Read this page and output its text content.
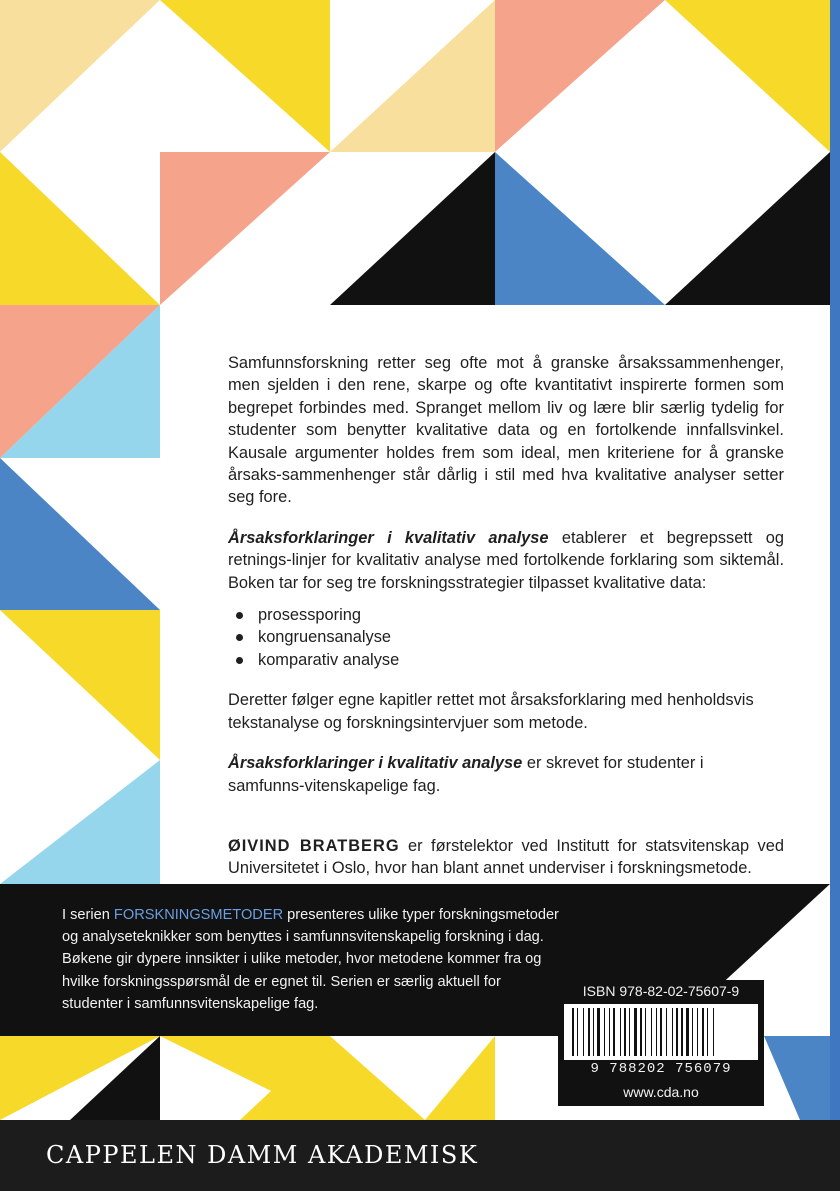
Samfunnsforskning retter seg ofte mot å granske årsakssammenhenger, men sjelden i den rene, skarpe og ofte kvantitativt inspirerte formen som begrepet forbindes med. Spranget mellom liv og lære blir særlig tydelig for studenter som benytter kvalitative data og en fortolkende innfallsvinkel. Kausale argumenter holdes frem som ideal, men kriteriene for å granske årsaks-sammenhenger står dårlig i stil med hva kvalitative analyser setter seg fore.

Årsaksforklaringer i kvalitativ analyse etablerer et begrepssett og retnings-linjer for kvalitativ analyse med fortolkende forklaring som siktemål. Boken tar for seg tre forskningsstrategier tilpasset kvalitative data:

prosessporing
kongruensanalyse
komparativ analyse

Deretter følger egne kapitler rettet mot årsaksforklaring med henholdsvis tekstanalyse og forskningsintervjuer som metode.

Årsaksforklaringer i kvalitativ analyse er skrevet for studenter i samfunns-vitenskapelige fag.

ØIVIND BRATBERG er førstelektor ved Institutt for statsvitenskap ved Universitetet i Oslo, hvor han blant annet underviser i forskningsmetode.

I serien FORSKNINGSMETODER presenteres ulike typer forskningsmetoder og analyseteknikker som benyttes i samfunnsvitenskapelig forskning i dag. Bøkene gir dypere innsikter i ulike metoder, hvor metodene kommer fra og hvilke forskningsspørsmål de er egnet til. Serien er særlig aktuell for studenter i samfunnsvitenskapelige fag.
ISBN 978-82-02-75607-9
9 788202 756079
www.cda.no
CAPPELEN DAMM AKADEMISK
